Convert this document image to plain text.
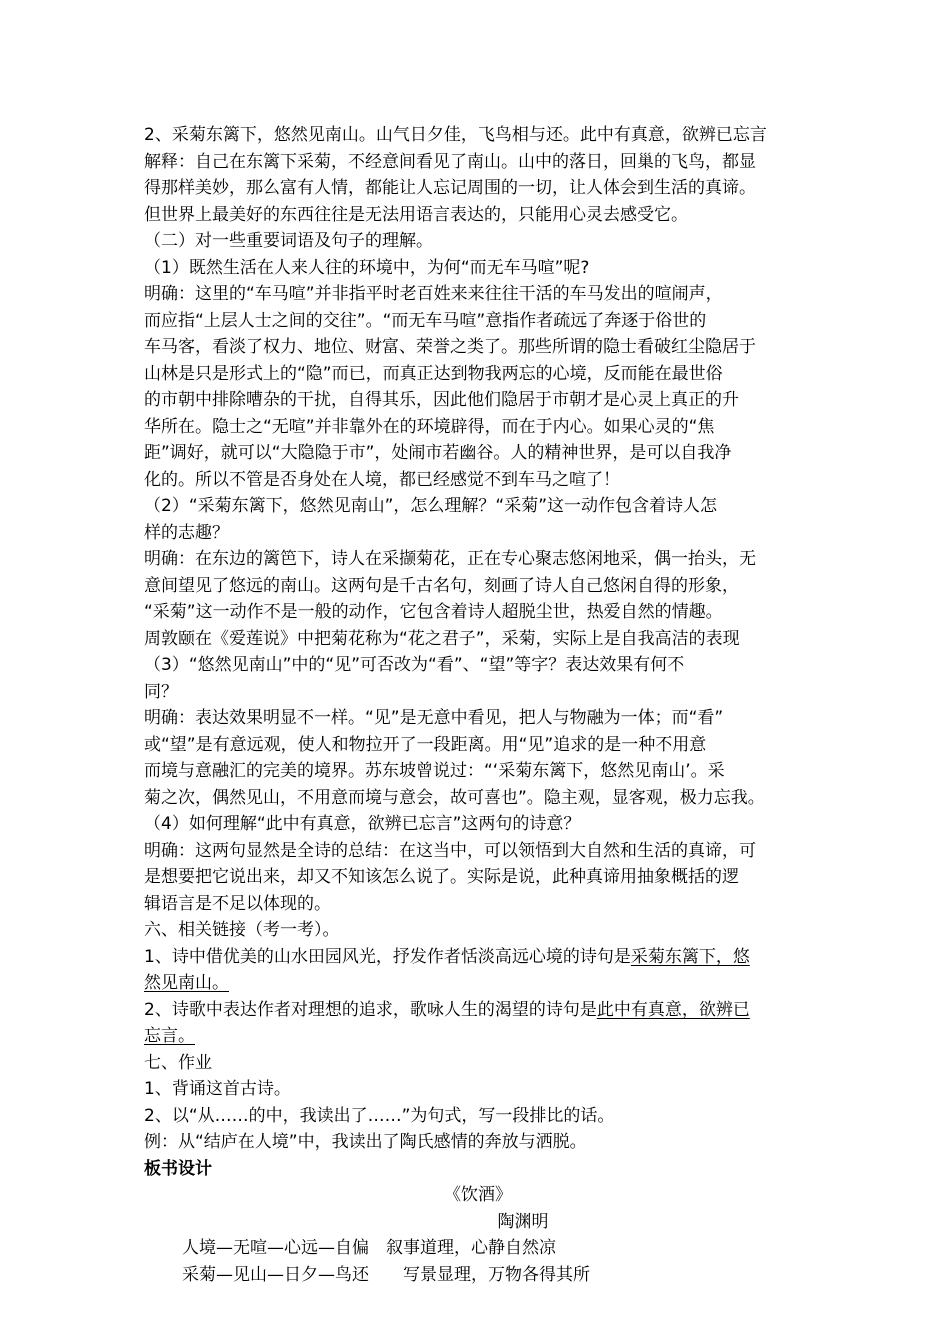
2、采菊东篱下，悠然见南山。山气日夕佳，飞鸟相与还。此中有真意，欲辨已忘言
解释：自己在东篱下采菊，不经意间看见了南山。山中的落日，回巢的飞鸟，都显
得那样美妙，那么富有人情，都能让人忘记周围的一切，让人体会到生活的真谛。
但世界上最美好的东西往往是无法用语言表达的，只能用心灵去感受它。
（二）对一些重要词语及句子的理解。
（1）既然生活在人来人往的环境中，为何“而无车马喧”呢?
明确：这里的“车马喧”并非指平时老百姓来来往往干活的车马发出的喧闹声，
而应指“上层人士之间的交往”。“而无车马喧”意指作者疏远了奔逐于俗世的
车马客，看淡了权力、地位、财富、荣誉之类了。那些所谓的隐士看破红尘隐居于
山林是只是形式上的“隐”而已，而真正达到物我两忘的心境，反而能在最世俗
的市朝中排除嘈杂的干扰，自得其乐，因此他们隐居于市朝才是心灵上真正的升
华所在。隐士之“无喧”并非靠外在的环境辟得，而在于内心。如果心灵的“焦
距”调好，就可以“大隐隐于市”，处闹市若幽谷。人的精神世界，是可以自我净
化的。所以不管是否身处在人境，都已经感觉不到车马之喧了！
（2）“采菊东篱下，悠然见南山”，怎么理解？“采菊”这一动作包含着诗人怎
样的志趣？
明确：在东边的篱笆下，诗人在采撷菊花，正在专心聚志悠闲地采，偶一抬头，无
意间望见了悠远的南山。这两句是千古名句，刻画了诗人自己悠闲自得的形象，
“采菊”这一动作不是一般的动作，它包含着诗人超脱尘世，热爱自然的情趣。
周敦颐在《爱莲说》中把菊花称为“花之君子”，采菊，实际上是自我高洁的表现
（3）“悠然见南山”中的“见”可否改为“看”、“望”等字？表达效果有何不
同？
明确：表达效果明显不一样。“见”是无意中看见，把人与物融为一体；而“看”
或“望”是有意远观，使人和物拉开了一段距离。用“见”追求的是一种不用意
而境与意融汇的完美的境界。苏东坡曾说过：“‘采菊东篱下，悠然见南山’。采
菊之次，偶然见山，不用意而境与意会，故可喜也”。隐主观，显客观，极力忘我。
（4）如何理解“此中有真意，欲辨已忘言”这两句的诗意？
明确：这两句显然是全诗的总结：在这当中，可以领悟到大自然和生活的真谛，可
是想要把它说出来，却又不知该怎么说了。实际是说，此种真谛用抽象概括的逻
辑语言是不足以体现的。
六、相关链接（考一考）。
1、诗中借优美的山水田园风光，抒发作者恬淡高远心境的诗句是采菊东篱下，悠
然见南山。
2、诗歌中表达作者对理想的追求，歌咏人生的渴望的诗句是此中有真意，欲辨已
忘言。
七、作业
1、背诵这首古诗。
2、以“从……的中，我读出了……”为句式，写一段排比的话。
例：从“结庐在人境”中，我读出了陶氏感情的奔放与洒脱。
板书设计
《饮酒》
陶渊明
人境—无喧—心远—自偏　叙事道理，心静自然凉
采菊—见山—日夕—鸟还　　写景显理，万物各得其所
